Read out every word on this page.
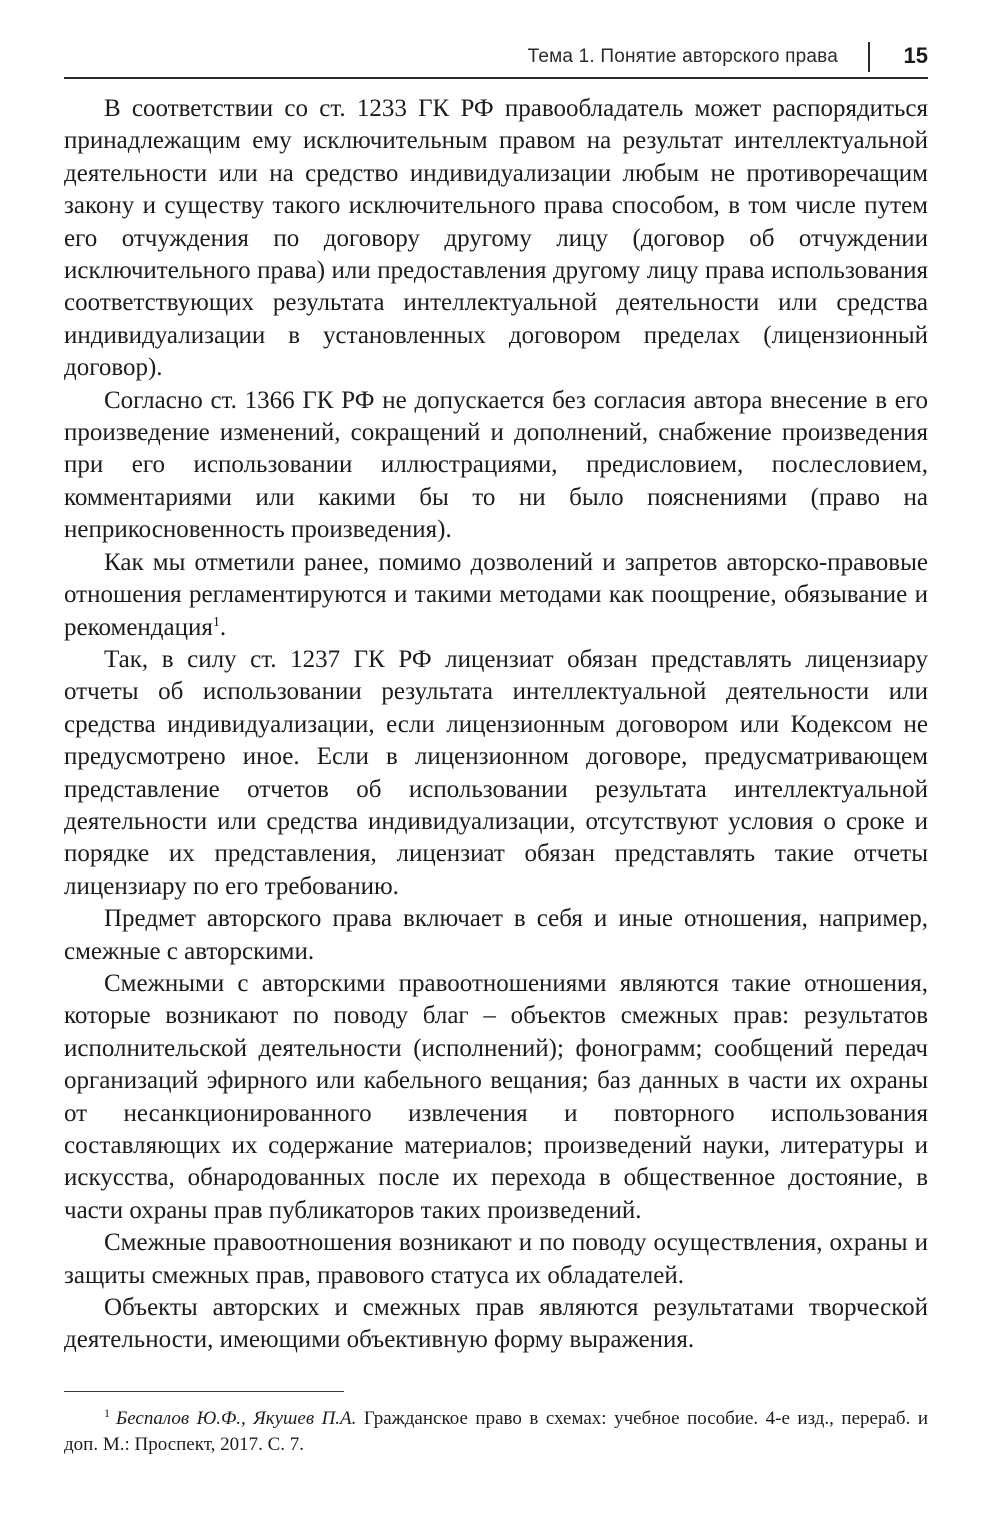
Тема 1. Понятие авторского права	15

В соответствии со ст. 1233 ГК РФ правообладатель может распорядиться принадлежащим ему исключительным правом на результат интеллектуальной деятельности или на средство индивидуализации любым не противоречащим закону и существу такого исключительного права способом, в том числе путем его отчуждения по договору другому лицу (договор об отчуждении исключительного права) или предоставления другому лицу права использования соответствующих результата интеллектуальной деятельности или средства индивидуализации в установленных договором пределах (лицензионный договор).

Согласно ст. 1366 ГК РФ не допускается без согласия автора внесение в его произведение изменений, сокращений и дополнений, снабжение произведения при его использовании иллюстрациями, предисловием, послесловием, комментариями или какими бы то ни было пояснениями (право на неприкосновенность произведения).

Как мы отметили ранее, помимо дозволений и запретов авторско-правовые отношения регламентируются и такими методами как поощрение, обязывание и рекомендация$^1$.

Так, в силу ст. 1237 ГК РФ лицензиат обязан представлять лицензиару отчеты об использовании результата интеллектуальной деятельности или средства индивидуализации, если лицензионным договором или Кодексом не предусмотрено иное. Если в лицензионном договоре, предусматривающем представление отчетов об использовании результата интеллектуальной деятельности или средства индивидуализации, отсутствуют условия о сроке и порядке их представления, лицензиат обязан представлять такие отчеты лицензиару по его требованию.

Предмет авторского права включает в себя и иные отношения, например, смежные с авторскими.

Смежными с авторскими правоотношениями являются такие отношения, которые возникают по поводу благ – объектов смежных прав: результатов исполнительской деятельности (исполнений); фонограмм; сообщений передач организаций эфирного или кабельного вещания; баз данных в части их охраны от несанкционированного извлечения и повторного использования составляющих их содержание материалов; произведений науки, литературы и искусства, обнародованных после их перехода в общественное достояние, в части охраны прав публикаторов таких произведений.

Смежные правоотношения возникают и по поводу осуществления, охраны и защиты смежных прав, правового статуса их обладателей.

Объекты авторских и смежных прав являются результатами творческой деятельности, имеющими объективную форму выражения.

$^1$ Беспалов Ю.Ф., Якушев П.А. Гражданское право в схемах: учебное пособие. 4-е изд., перераб. и доп. М.: Проспект, 2017. С. 7.
